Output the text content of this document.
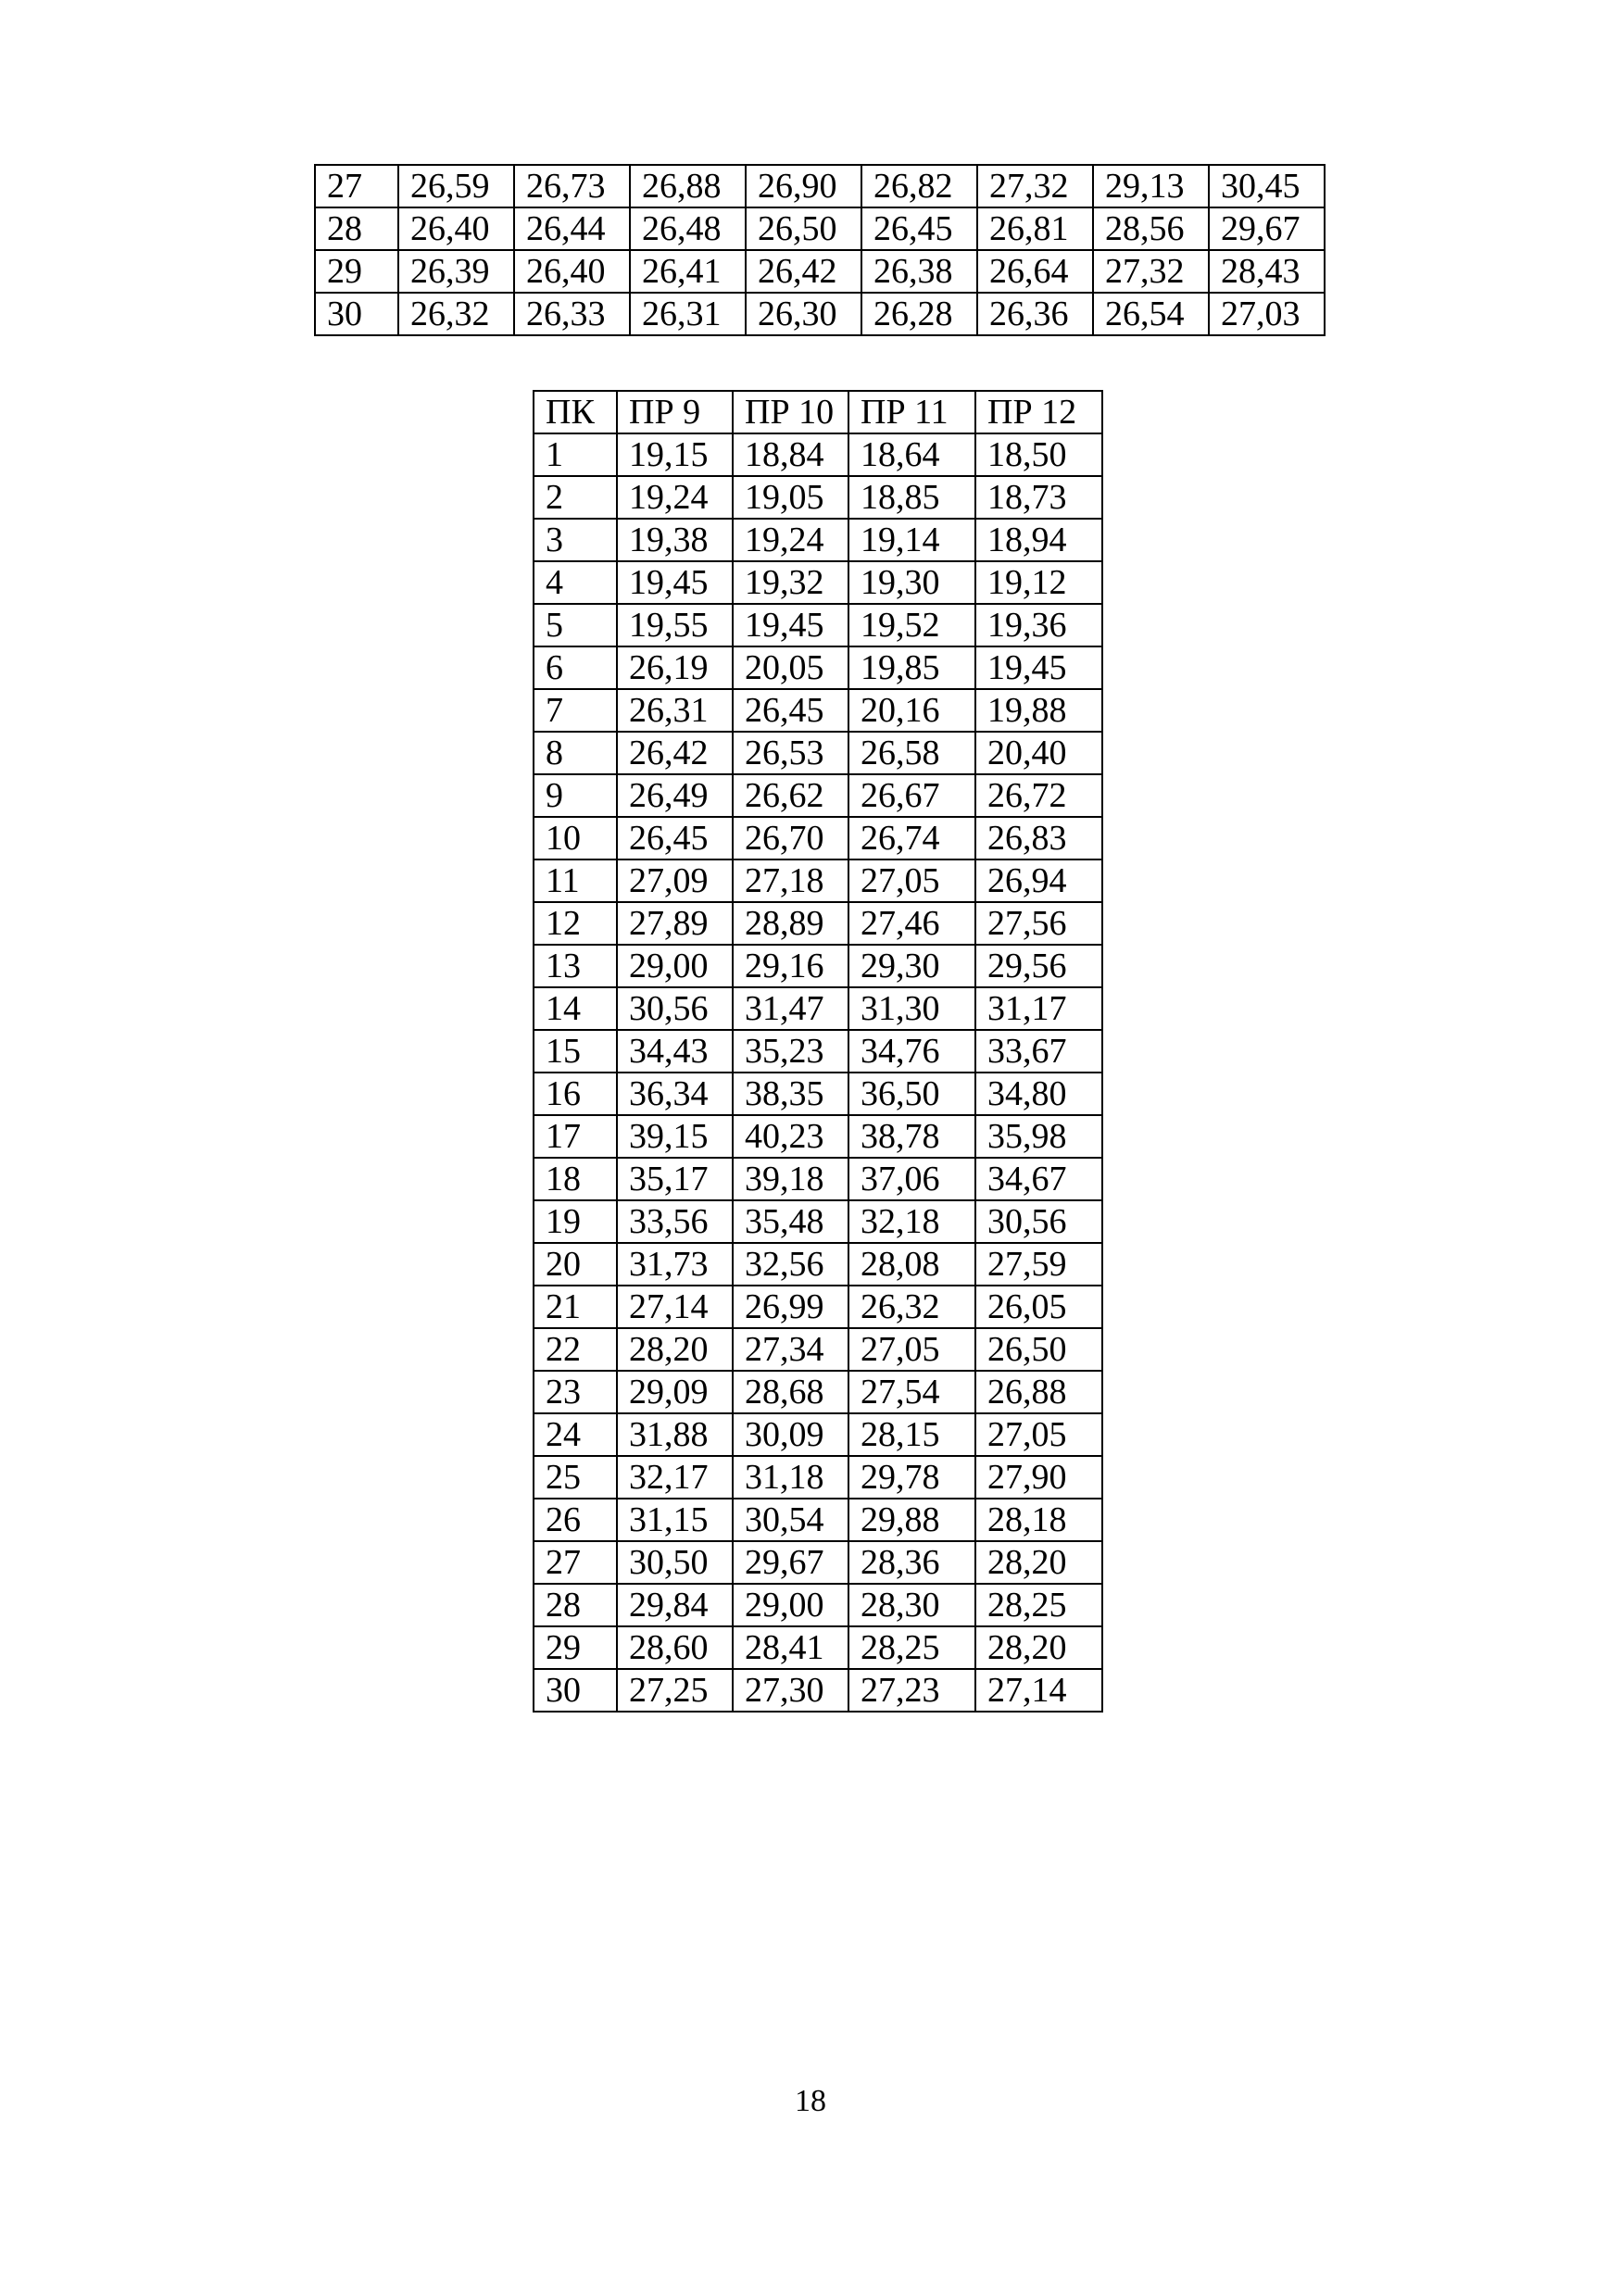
27	26,59	26,73	26,88	26,90	26,82	27,32	29,13	30,45
28	26,40	26,44	26,48	26,50	26,45	26,81	28,56	29,67
29	26,39	26,40	26,41	26,42	26,38	26,64	27,32	28,43
30	26,32	26,33	26,31	26,30	26,28	26,36	26,54	27,03
ПК	ПР 9	ПР 10	ПР 11	ПР 12
1	19,15	18,84	18,64	18,50
2	19,24	19,05	18,85	18,73
3	19,38	19,24	19,14	18,94
4	19,45	19,32	19,30	19,12
5	19,55	19,45	19,52	19,36
6	26,19	20,05	19,85	19,45
7	26,31	26,45	20,16	19,88
8	26,42	26,53	26,58	20,40
9	26,49	26,62	26,67	26,72
10	26,45	26,70	26,74	26,83
11	27,09	27,18	27,05	26,94
12	27,89	28,89	27,46	27,56
13	29,00	29,16	29,30	29,56
14	30,56	31,47	31,30	31,17
15	34,43	35,23	34,76	33,67
16	36,34	38,35	36,50	34,80
17	39,15	40,23	38,78	35,98
18	35,17	39,18	37,06	34,67
19	33,56	35,48	32,18	30,56
20	31,73	32,56	28,08	27,59
21	27,14	26,99	26,32	26,05
22	28,20	27,34	27,05	26,50
23	29,09	28,68	27,54	26,88
24	31,88	30,09	28,15	27,05
25	32,17	31,18	29,78	27,90
26	31,15	30,54	29,88	28,18
27	30,50	29,67	28,36	28,20
28	29,84	29,00	28,30	28,25
29	28,60	28,41	28,25	28,20
30	27,25	27,30	27,23	27,14
18
